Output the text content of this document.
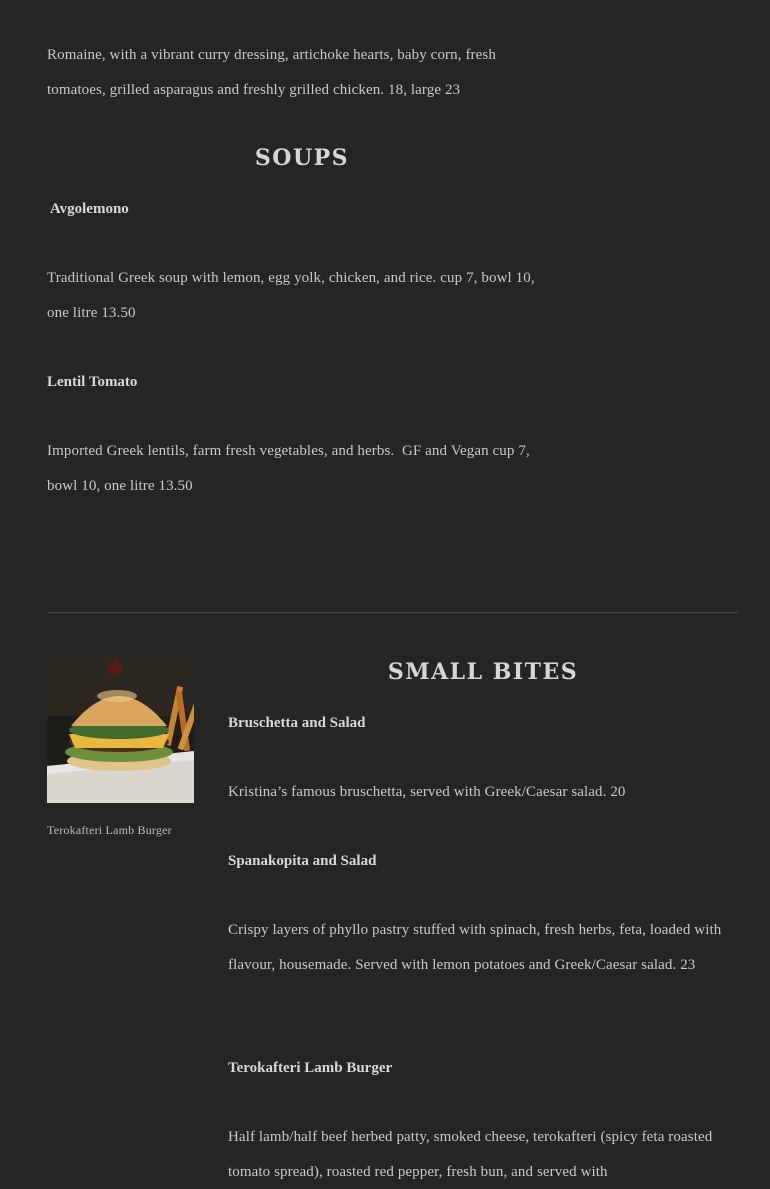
Romaine, with a vibrant curry dressing, artichoke hearts, baby corn, fresh tomatoes, grilled asparagus and freshly grilled chicken. 18, large 23

SOUPS
Avgolemono

Traditional Greek soup with lemon, egg yolk, chicken, and rice. cup 7, bowl 10, one litre 13.50

Lentil Tomato

Imported Greek lentils, farm fresh vegetables, and herbs.  GF and Vegan cup 7, bowl 10, one litre 13.50

Terokafteri Lamb Burger
SMALL BITES
Bruschetta and Salad

Kristina’s famous bruschetta, served with Greek/Caesar salad. 20

Spanakopita and Salad

Crispy layers of phyllo pastry stuffed with spinach, fresh herbs, feta, loaded with flavour, housemade. Served with lemon potatoes and Greek/Caesar salad. 23

Terokafteri Lamb Burger

Half lamb/half beef herbed patty, smoked cheese, terokafteri (spicy feta roasted tomato spread), roasted red pepper, fresh bun, and served with
